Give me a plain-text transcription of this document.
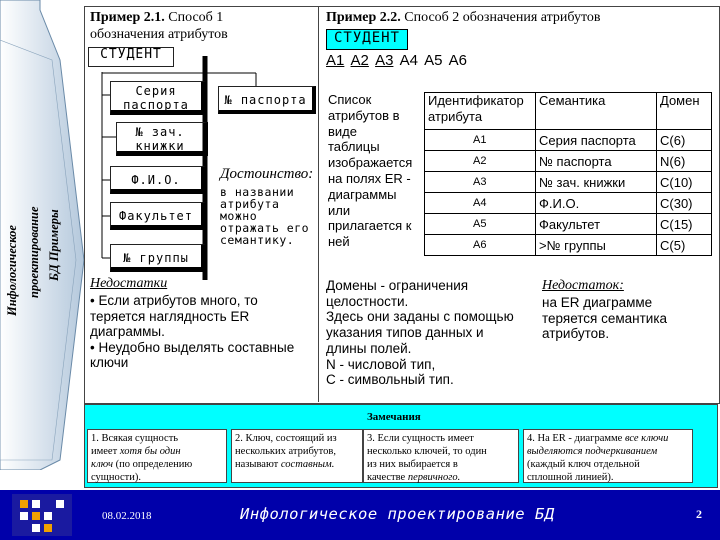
Инфологическое проектирование БД Примеры
Пример 2.1. Способ 1
обозначения атрибутов
СТУДЕНТ
Серия паспорта	№ паспорта
№ зач. книжки
Ф.И.О.
Факультет
№ группы
Достоинство:
в названии
атрибута
можно
отражать его
семантику.
Недостатки
• Если атрибутов много, то
теряется наглядность ER
диаграммы.
• Неудобно выделять составные
ключи
Пример 2.2. Способ 2 обозначения атрибутов
СТУДЕНТ
А1 А2 А3 А4 А5 А6
Список
атрибутов в
виде
таблицы
изображается
на полях ER -
диаграммы
или
прилагается к
ней
Идентификатор атрибута	Семантика	Домен
А1	Серия паспорта	C(6)
А2	№ паспорта	N(6)
А3	№ зач. книжки	C(10)
А4	Ф.И.О.	C(30)
А5	Факультет	C(15)
А6	>№ группы	C(5)
Домены - ограничения
целостности.
Здесь они заданы с помощью
указания типов данных и
длины полей.
N - числовой тип,
C - символьный тип.
Недостаток:
на ER диаграмме
теряется семантика
атрибутов.
Замечания
1. Всякая сущность
имеет хотя бы один
ключ (по определению
сущности).
2. Ключ, состоящий из
нескольких атрибутов,
называют составным.
3. Если сущность имеет
несколько ключей, то один
из них выбирается в
качестве первичного.
4. На ER - диаграмме все ключи
выделяются подчеркиванием
(каждый ключ отдельной
сплошной линией).
08.02.2018	Инфологическое проектирование БД	2
